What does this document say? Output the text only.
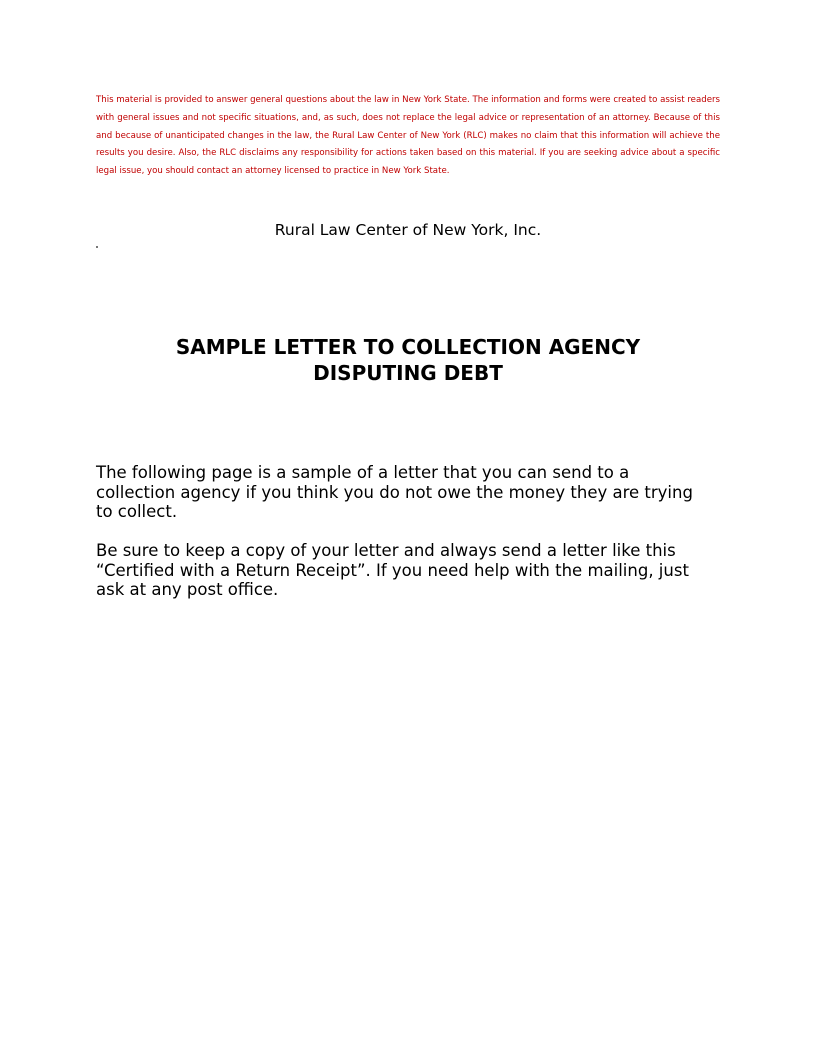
This material is provided to answer general questions about the law in New York State. The information and forms were created to assist readers with general issues and not specific situations, and, as such, does not replace the legal advice or representation of an attorney. Because of this and because of unanticipated changes in the law, the Rural Law Center of New York (RLC) makes no claim that this information will achieve the results you desire. Also, the RLC disclaims any responsibility for actions taken based on this material. If you are seeking advice about a specific legal issue, you should contact an attorney licensed to practice in New York State.

Rural Law Center of New York, Inc.

SAMPLE LETTER TO COLLECTION AGENCY
DISPUTING DEBT

The following page is a sample of a letter that you can send to a collection agency if you think you do not owe the money they are trying to collect.

Be sure to keep a copy of your letter and always send a letter like this “Certified with a Return Receipt”. If you need help with the mailing, just ask at any post office.
